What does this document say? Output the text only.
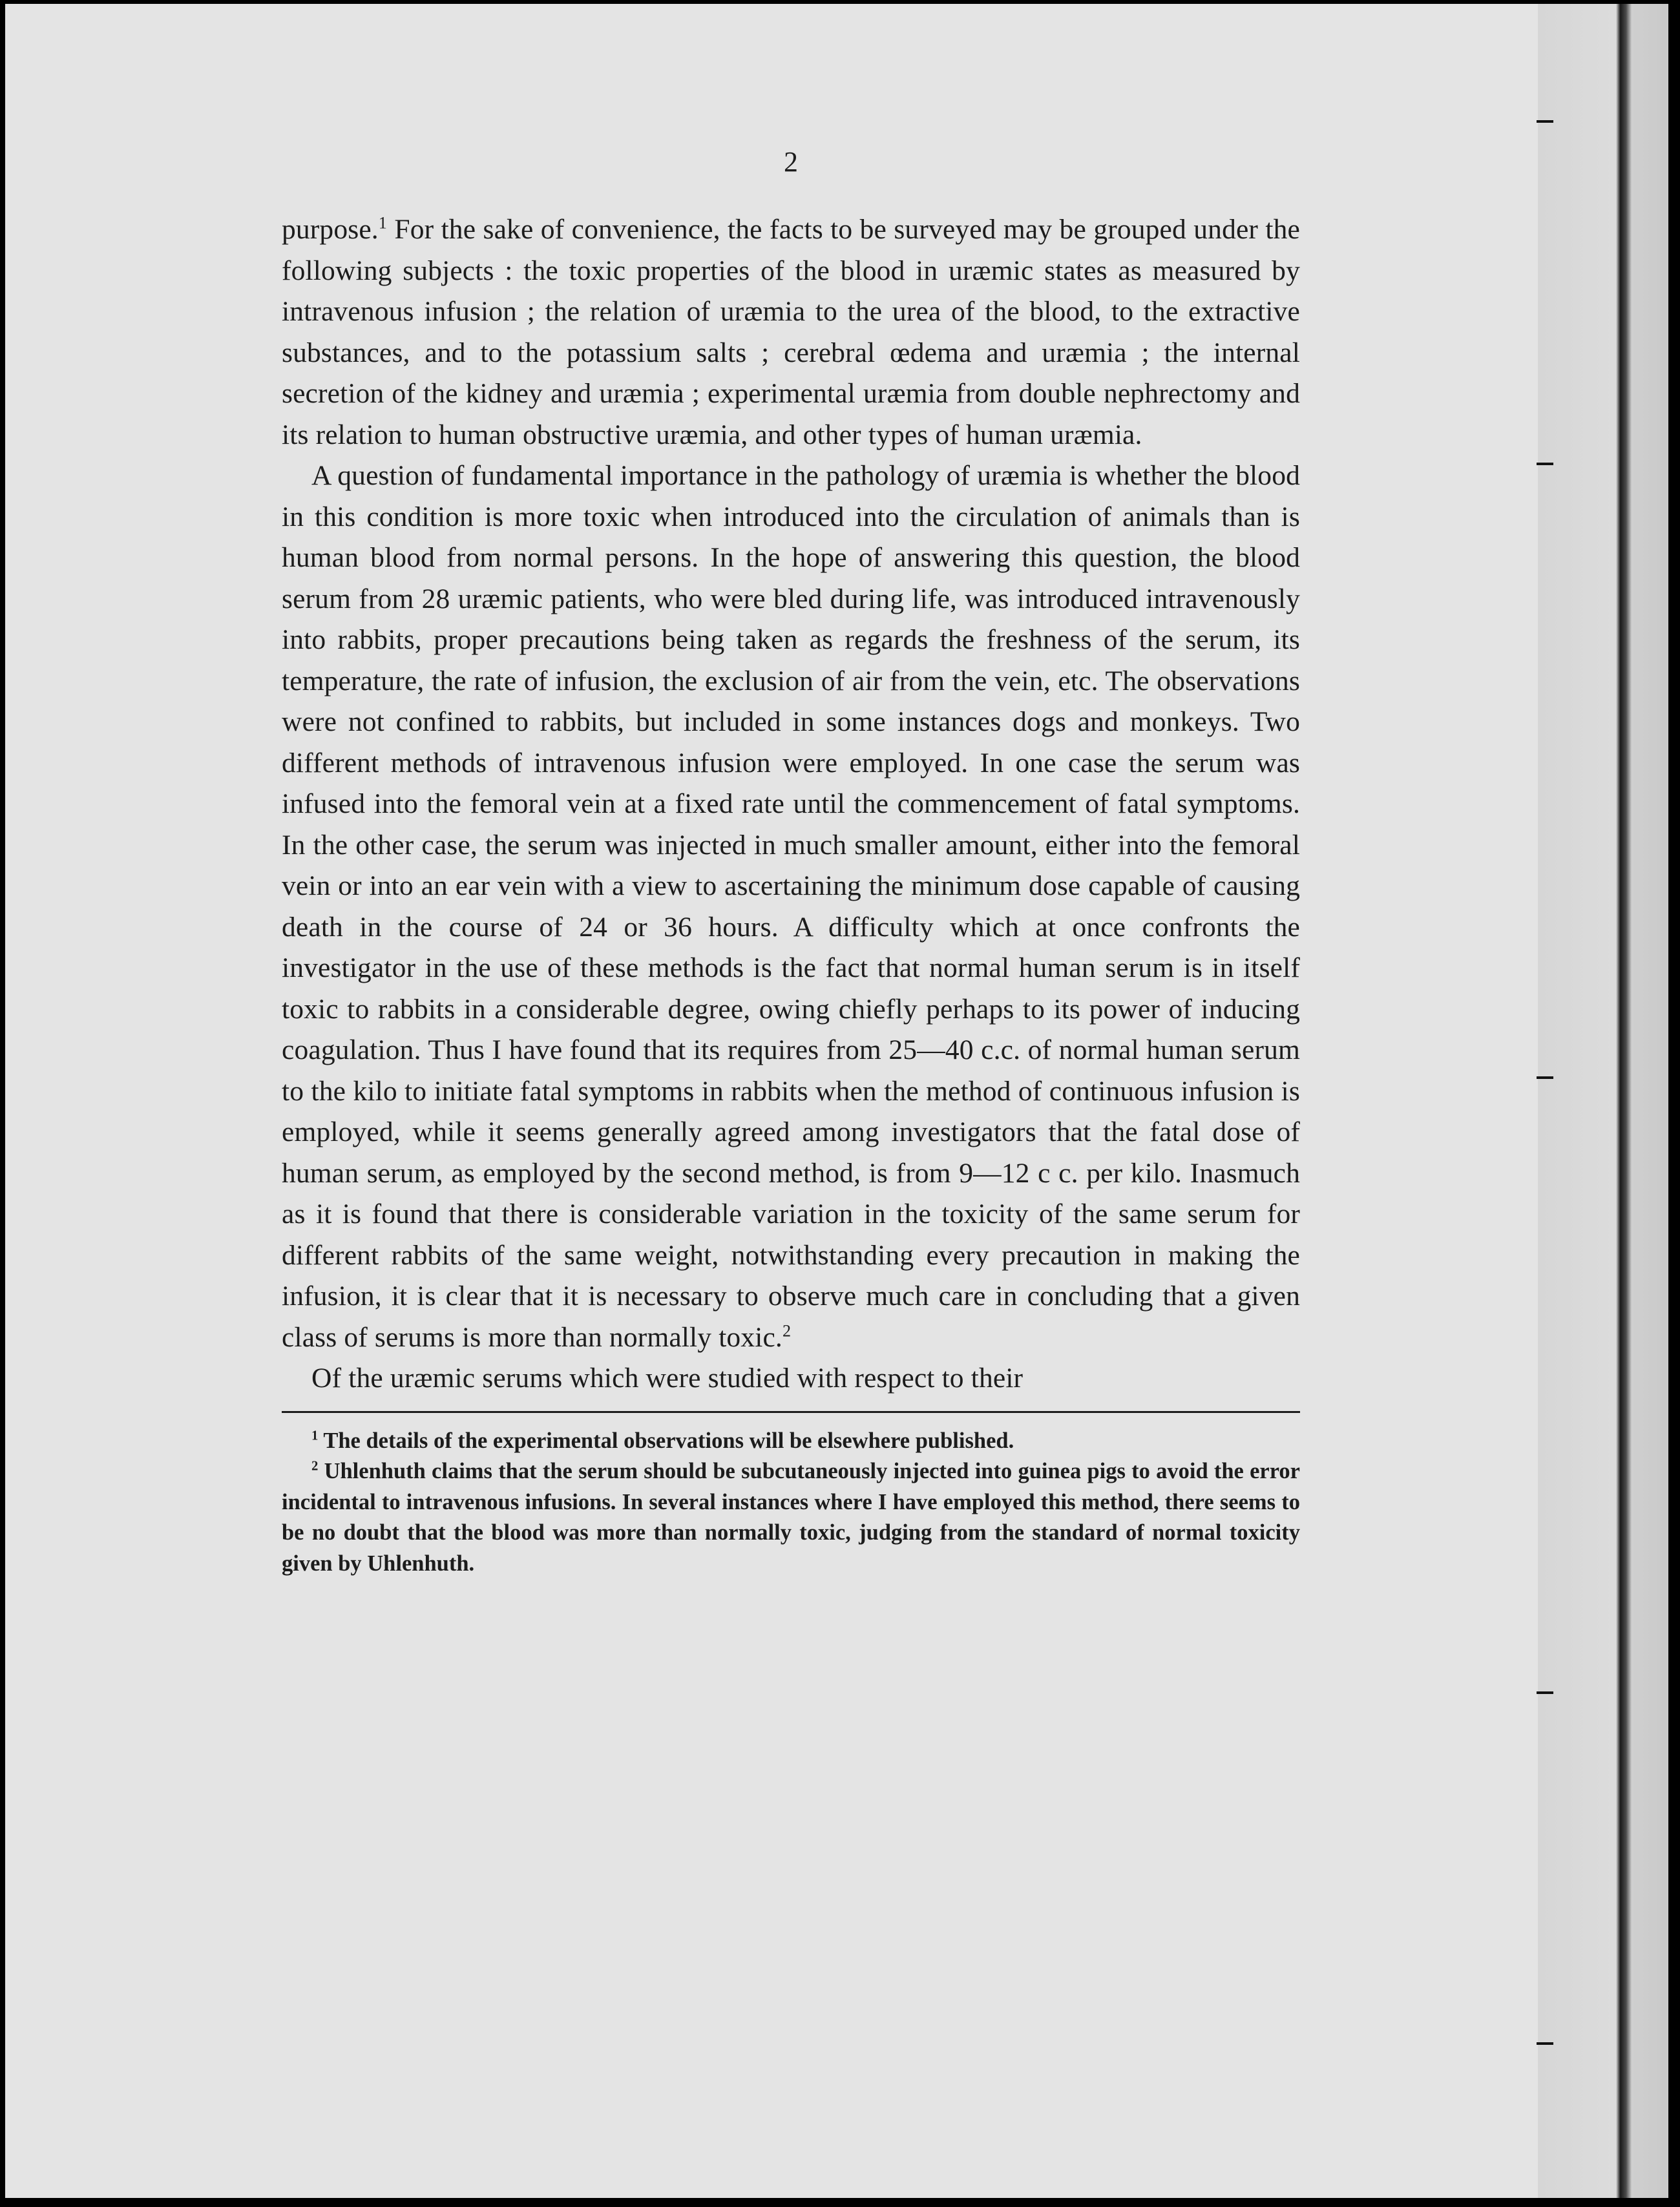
2

purpose.$^1$ For the sake of convenience, the facts to be surveyed may be grouped under the following subjects : the toxic properties of the blood in uræmic states as measured by intravenous infusion ; the relation of uræmia to the urea of the blood, to the extractive substances, and to the potassium salts ; cerebral œdema and uræmia ; the internal secretion of the kidney and uræmia ; experimental uræmia from double nephrectomy and its relation to human obstructive uræmia, and other types of human uræmia.

A question of fundamental importance in the pathology of uræmia is whether the blood in this condition is more toxic when introduced into the circulation of animals than is human blood from normal persons. In the hope of answering this question, the blood serum from 28 uræmic patients, who were bled during life, was introduced intravenously into rabbits, proper precautions being taken as regards the freshness of the serum, its temperature, the rate of infusion, the exclusion of air from the vein, etc. The observations were not confined to rabbits, but included in some instances dogs and monkeys. Two different methods of intravenous infusion were employed. In one case the serum was infused into the femoral vein at a fixed rate until the commencement of fatal symptoms. In the other case, the serum was injected in much smaller amount, either into the femoral vein or into an ear vein with a view to ascertaining the minimum dose capable of causing death in the course of 24 or 36 hours. A difficulty which at once confronts the investigator in the use of these methods is the fact that normal human serum is in itself toxic to rabbits in a considerable degree, owing chiefly perhaps to its power of inducing coagulation. Thus I have found that its requires from 25—40 c.c. of normal human serum to the kilo to initiate fatal symptoms in rabbits when the method of continuous infusion is employed, while it seems generally agreed among investigators that the fatal dose of human serum, as employed by the second method, is from 9—12 c c. per kilo. Inasmuch as it is found that there is considerable variation in the toxicity of the same serum for different rabbits of the same weight, notwithstanding every precaution in making the infusion, it is clear that it is necessary to observe much care in concluding that a given class of serums is more than normally toxic.$^2$

Of the uræmic serums which were studied with respect to their

$^1$ The details of the experimental observations will be elsewhere published.

$^2$ Uhlenhuth claims that the serum should be subcutaneously injected into guinea pigs to avoid the error incidental to intravenous infusions. In several instances where I have employed this method, there seems to be no doubt that the blood was more than normally toxic, judging from the standard of normal toxicity given by Uhlenhuth.
